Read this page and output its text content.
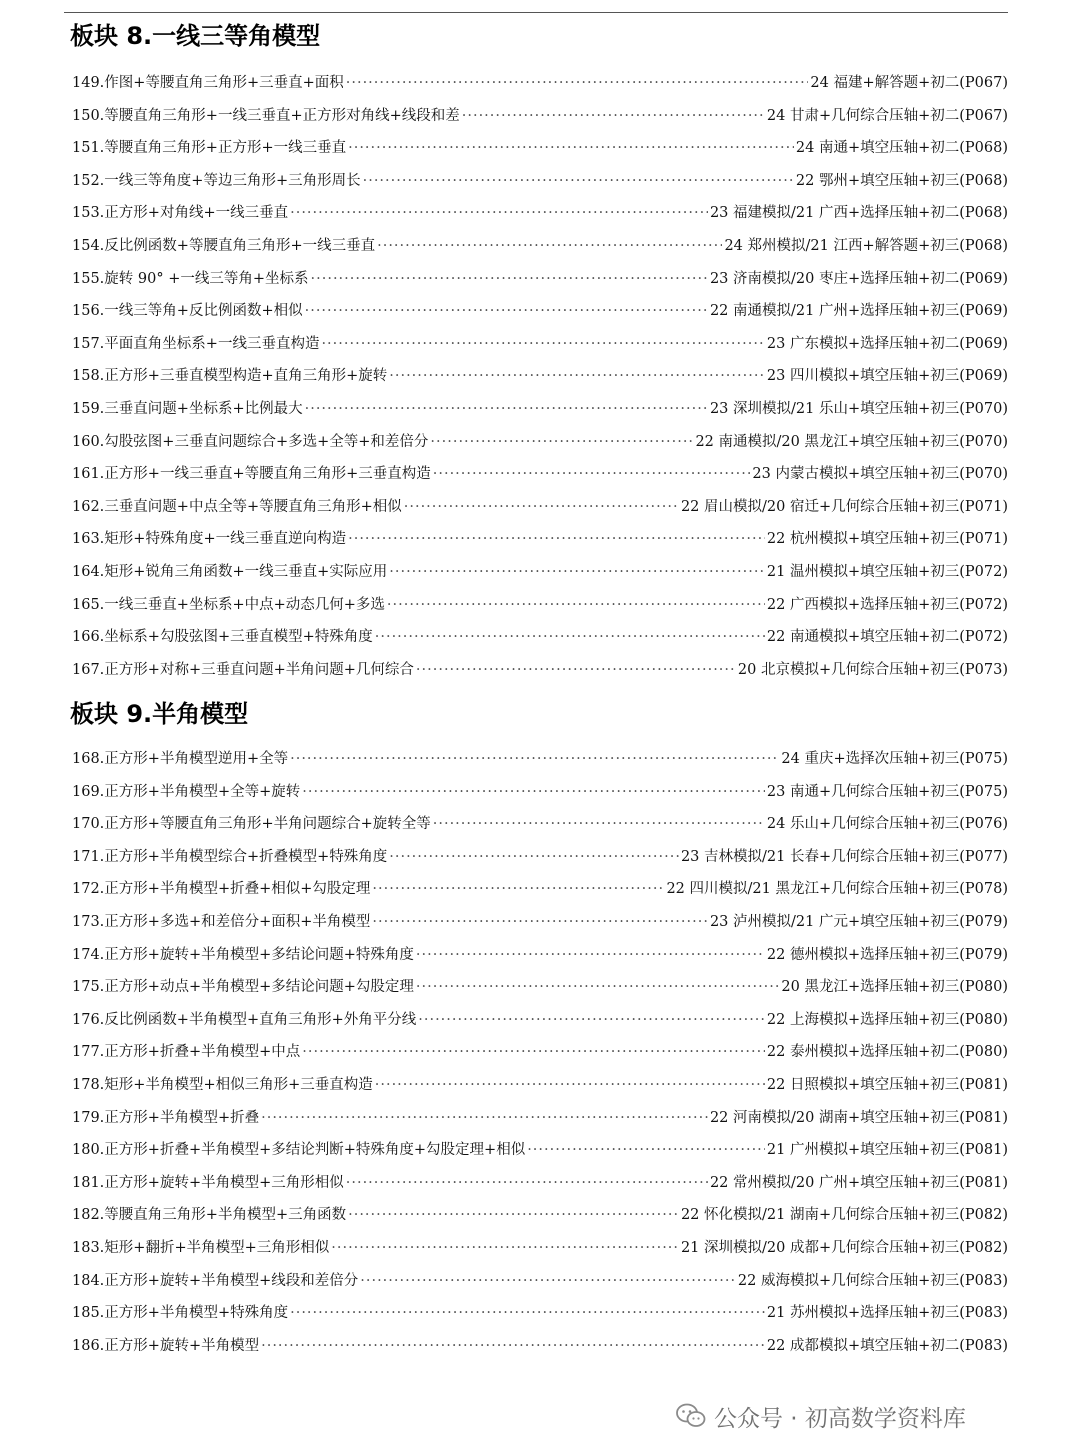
板块 8.一线三等角模型
149. 作图+等腰直角三角形+三垂直+面积 ·····	24 福建+解答题+初二(P067)
150. 等腰直角三角形+一线三垂直+正方形对角线+线段和差 ·····	24 甘肃+几何综合压轴+初二(P067)
151. 等腰直角三角形+正方形+一线三垂直 ·····	24 南通+填空压轴+初二(P068)
152. 一线三等角度+等边三角形+三角形周长 ·····	22 鄂州+填空压轴+初三(P068)
153. 正方形+对角线+一线三垂直 ·····	23 福建模拟/21 广西+选择压轴+初二(P068)
154. 反比例函数+等腰直角三角形+一线三垂直 ·····	24 郑州模拟/21 江西+解答题+初三(P068)
155. 旋转 90° +一线三等角+坐标系 ·····	23 济南模拟/20 枣庄+选择压轴+初二(P069)
156. 一线三等角+反比例函数+相似 ·····	22 南通模拟/21 广州+选择压轴+初三(P069)
157. 平面直角坐标系+一线三垂直构造 ·····	23 广东模拟+选择压轴+初二(P069)
158. 正方形+三垂直模型构造+直角三角形+旋转 ·····	23 四川模拟+填空压轴+初三(P069)
159. 三垂直问题+坐标系+比例最大 ·····	23 深圳模拟/21 乐山+填空压轴+初三(P070)
160. 勾股弦图+三垂直问题综合+多选+全等+和差倍分 ·····	22 南通模拟/20 黑龙江+填空压轴+初三(P070)
161. 正方形+一线三垂直+等腰直角三角形+三垂直构造 ·····	23 内蒙古模拟+填空压轴+初三(P070)
162. 三垂直问题+中点全等+等腰直角三角形+相似 ·····	22 眉山模拟/20 宿迁+几何综合压轴+初三(P071)
163. 矩形+特殊角度+一线三垂直逆向构造 ·····	22 杭州模拟+填空压轴+初三(P071)
164. 矩形+锐角三角函数+一线三垂直+实际应用 ·····	21 温州模拟+填空压轴+初三(P072)
165. 一线三垂直+坐标系+中点+动态几何+多选 ·····	22 广西模拟+选择压轴+初三(P072)
166. 坐标系+勾股弦图+三垂直模型+特殊角度 ·····	22 南通模拟+填空压轴+初二(P072)
167. 正方形+对称+三垂直问题+半角问题+几何综合 ·····	20 北京模拟+几何综合压轴+初三(P073)
板块 9.半角模型
168. 正方形+半角模型逆用+全等 ·····	24 重庆+选择次压轴+初三(P075)
169. 正方形+半角模型+全等+旋转 ·····	23 南通+几何综合压轴+初三(P075)
170. 正方形+等腰直角三角形+半角问题综合+旋转全等 ·····	24 乐山+几何综合压轴+初三(P076)
171. 正方形+半角模型综合+折叠模型+特殊角度 ·····	23 吉林模拟/21 长春+几何综合压轴+初三(P077)
172. 正方形+半角模型+折叠+相似+勾股定理 ·····	22 四川模拟/21 黑龙江+几何综合压轴+初三(P078)
173. 正方形+多选+和差倍分+面积+半角模型 ·····	23 泸州模拟/21 广元+填空压轴+初三(P079)
174. 正方形+旋转+半角模型+多结论问题+特殊角度 ·····	22 德州模拟+选择压轴+初三(P079)
175. 正方形+动点+半角模型+多结论问题+勾股定理 ·····	20 黑龙江+选择压轴+初三(P080)
176. 反比例函数+半角模型+直角三角形+外角平分线 ·····	22 上海模拟+选择压轴+初三(P080)
177. 正方形+折叠+半角模型+中点 ·····	22 泰州模拟+选择压轴+初二(P080)
178. 矩形+半角模型+相似三角形+三垂直构造 ·····	22 日照模拟+填空压轴+初三(P081)
179. 正方形+半角模型+折叠 ·····	22 河南模拟/20 湖南+填空压轴+初三(P081)
180. 正方形+折叠+半角模型+多结论判断+特殊角度+勾股定理+相似 ·····	21 广州模拟+填空压轴+初三(P081)
181. 正方形+旋转+半角模型+三角形相似 ·····	22 常州模拟/20 广州+填空压轴+初三(P081)
182. 等腰直角三角形+半角模型+三角函数 ·····	22 怀化模拟/21 湖南+几何综合压轴+初三(P082)
183. 矩形+翻折+半角模型+三角形相似 ·····	21 深圳模拟/20 成都+几何综合压轴+初三(P082)
184. 正方形+旋转+半角模型+线段和差倍分 ·····	22 威海模拟+几何综合压轴+初三(P083)
185. 正方形+半角模型+特殊角度 ·····	21 苏州模拟+选择压轴+初三(P083)
186. 正方形+旋转+半角模型 ·····	22 成都模拟+填空压轴+初二(P083)
公众号 · 初高数学资料库
